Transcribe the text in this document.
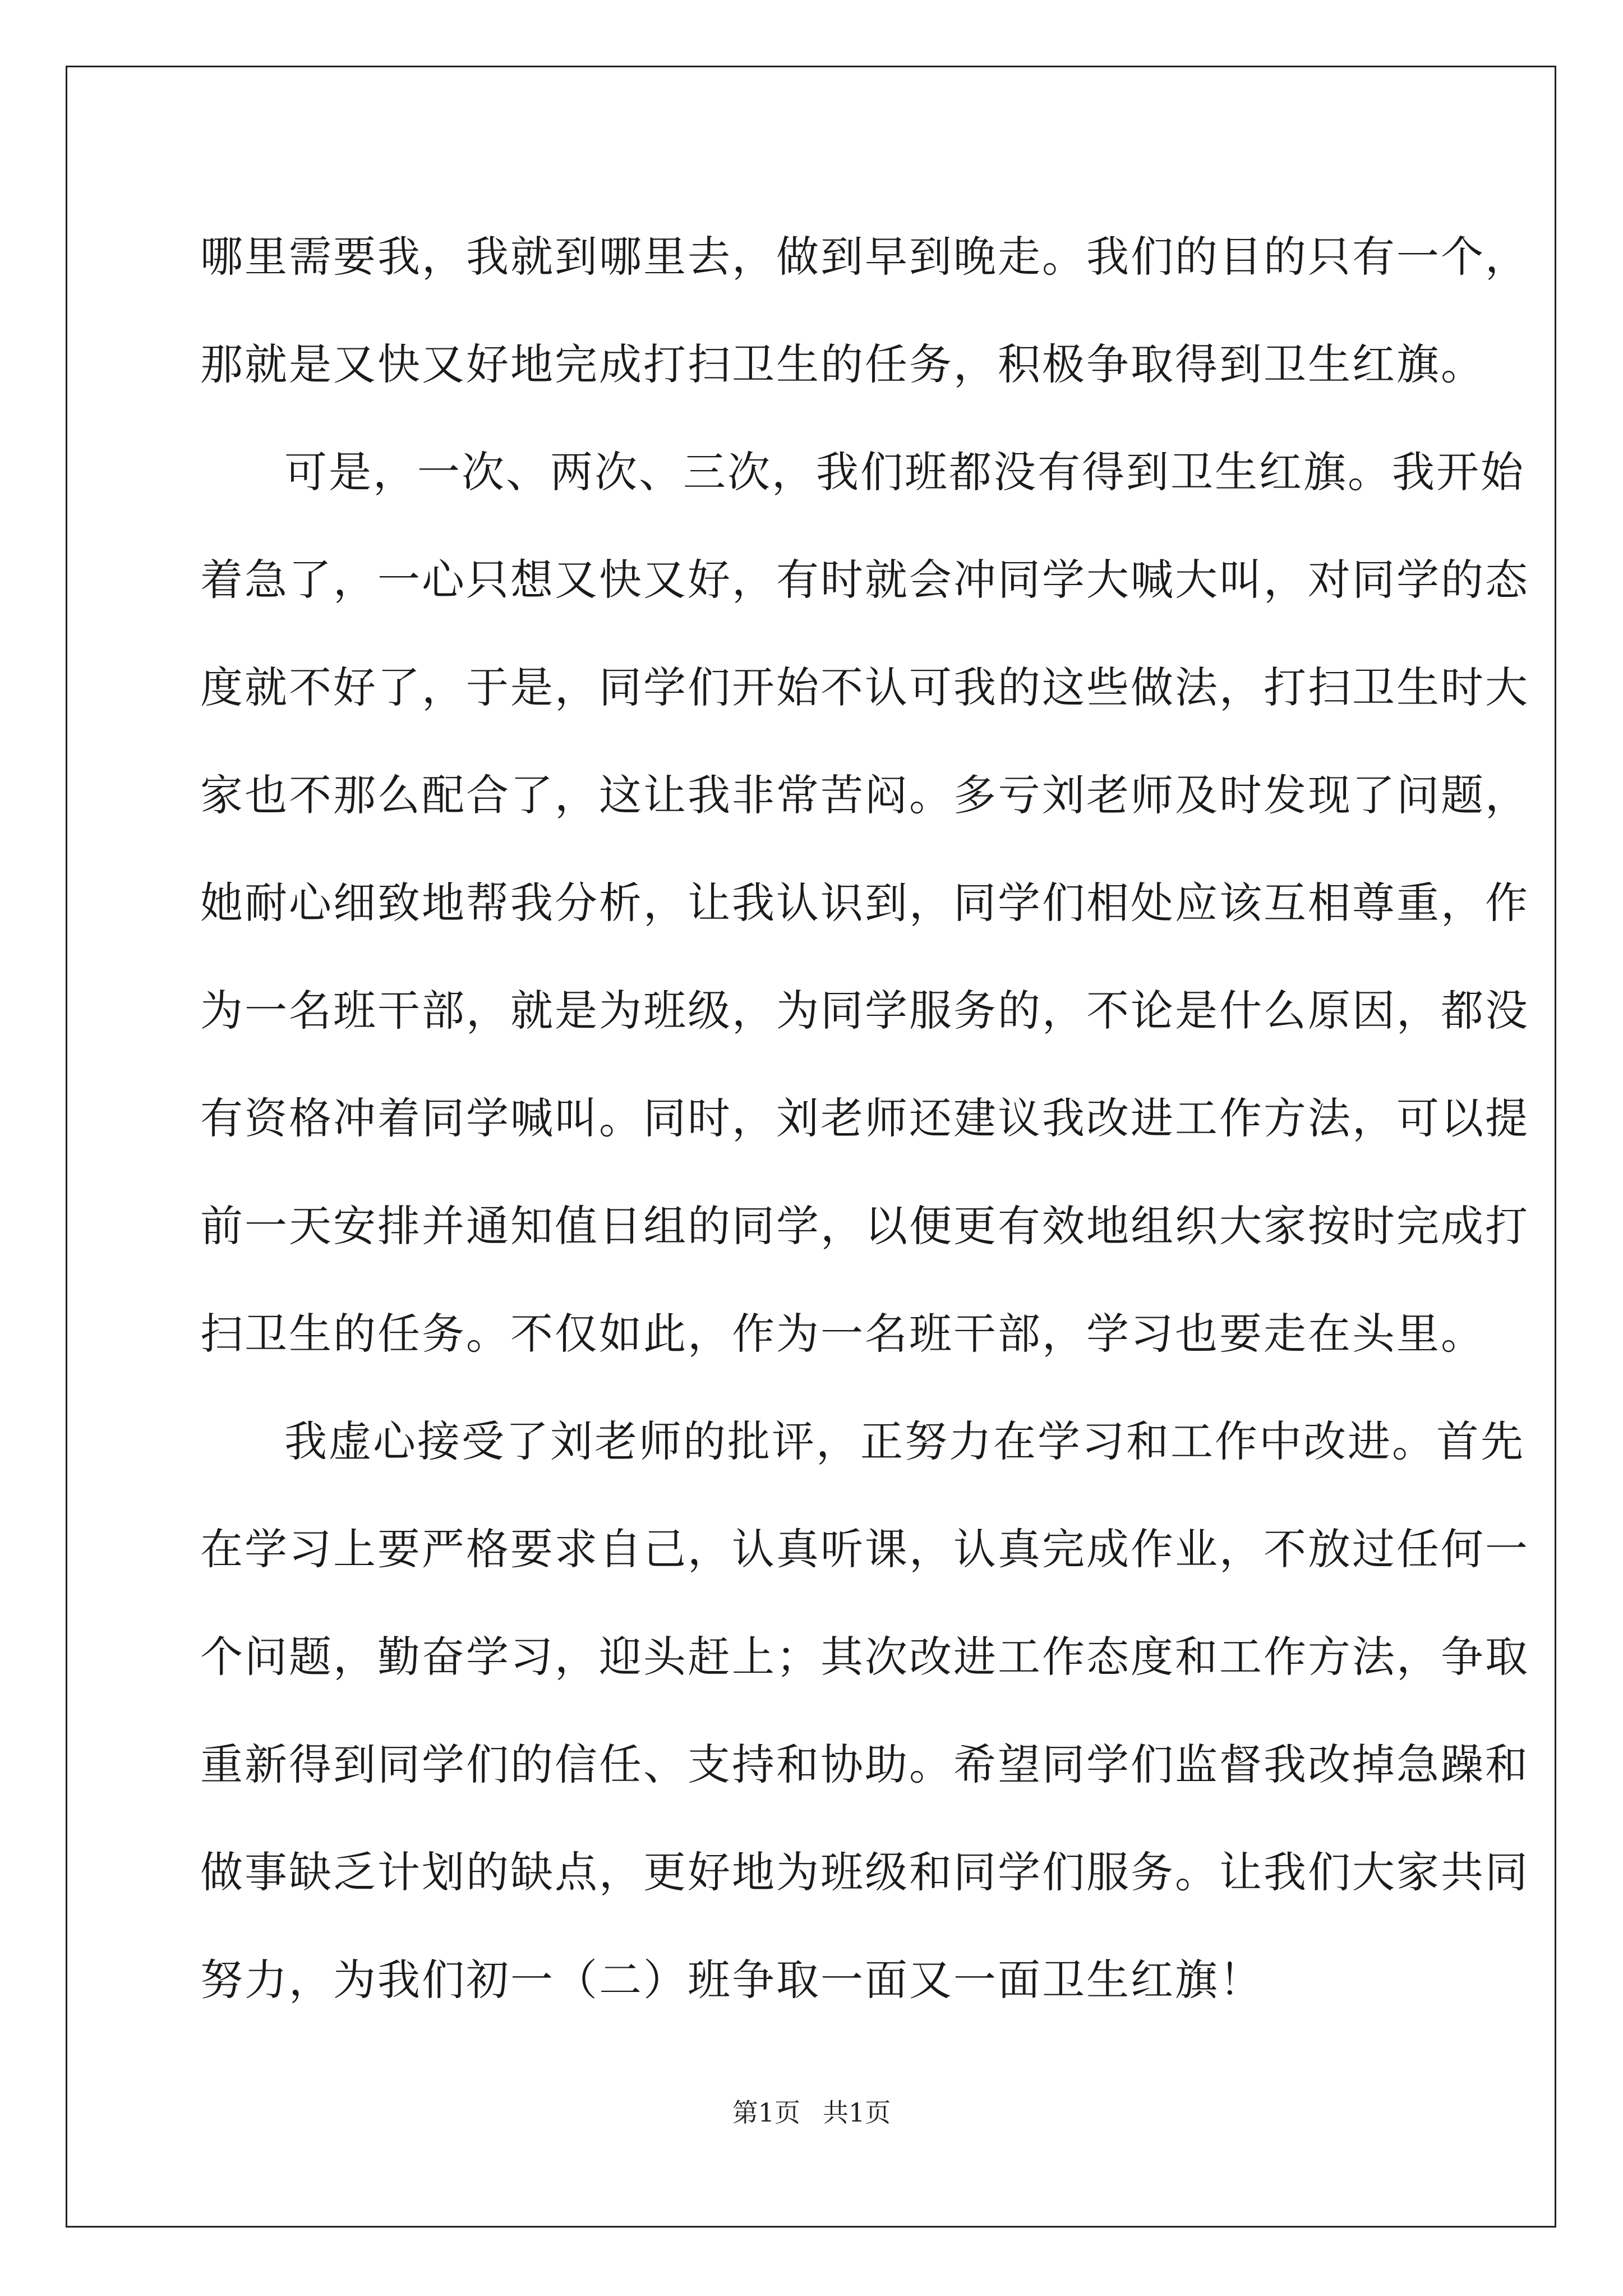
哪里需要我，我就到哪里去，做到早到晚走。我们的目的只有一个，
那就是又快又好地完成打扫卫生的任务，积极争取得到卫生红旗。
可是，一次、两次、三次，我们班都没有得到卫生红旗。我开始
着急了，一心只想又快又好，有时就会冲同学大喊大叫，对同学的态
度就不好了，于是，同学们开始不认可我的这些做法，打扫卫生时大
家也不那么配合了，这让我非常苦闷。多亏刘老师及时发现了问题，
她耐心细致地帮我分析，让我认识到，同学们相处应该互相尊重，作
为一名班干部，就是为班级，为同学服务的，不论是什么原因，都没
有资格冲着同学喊叫。同时，刘老师还建议我改进工作方法，可以提
前一天安排并通知值日组的同学，以便更有效地组织大家按时完成打
扫卫生的任务。不仅如此，作为一名班干部，学习也要走在头里。
我虚心接受了刘老师的批评，正努力在学习和工作中改进。首先
在学习上要严格要求自己，认真听课，认真完成作业，不放过任何一
个问题，勤奋学习，迎头赶上；其次改进工作态度和工作方法，争取
重新得到同学们的信任、支持和协助。希望同学们监督我改掉急躁和
做事缺乏计划的缺点，更好地为班级和同学们服务。让我们大家共同
努力，为我们初一（二）班争取一面又一面卫生红旗！
第1页 共1页
